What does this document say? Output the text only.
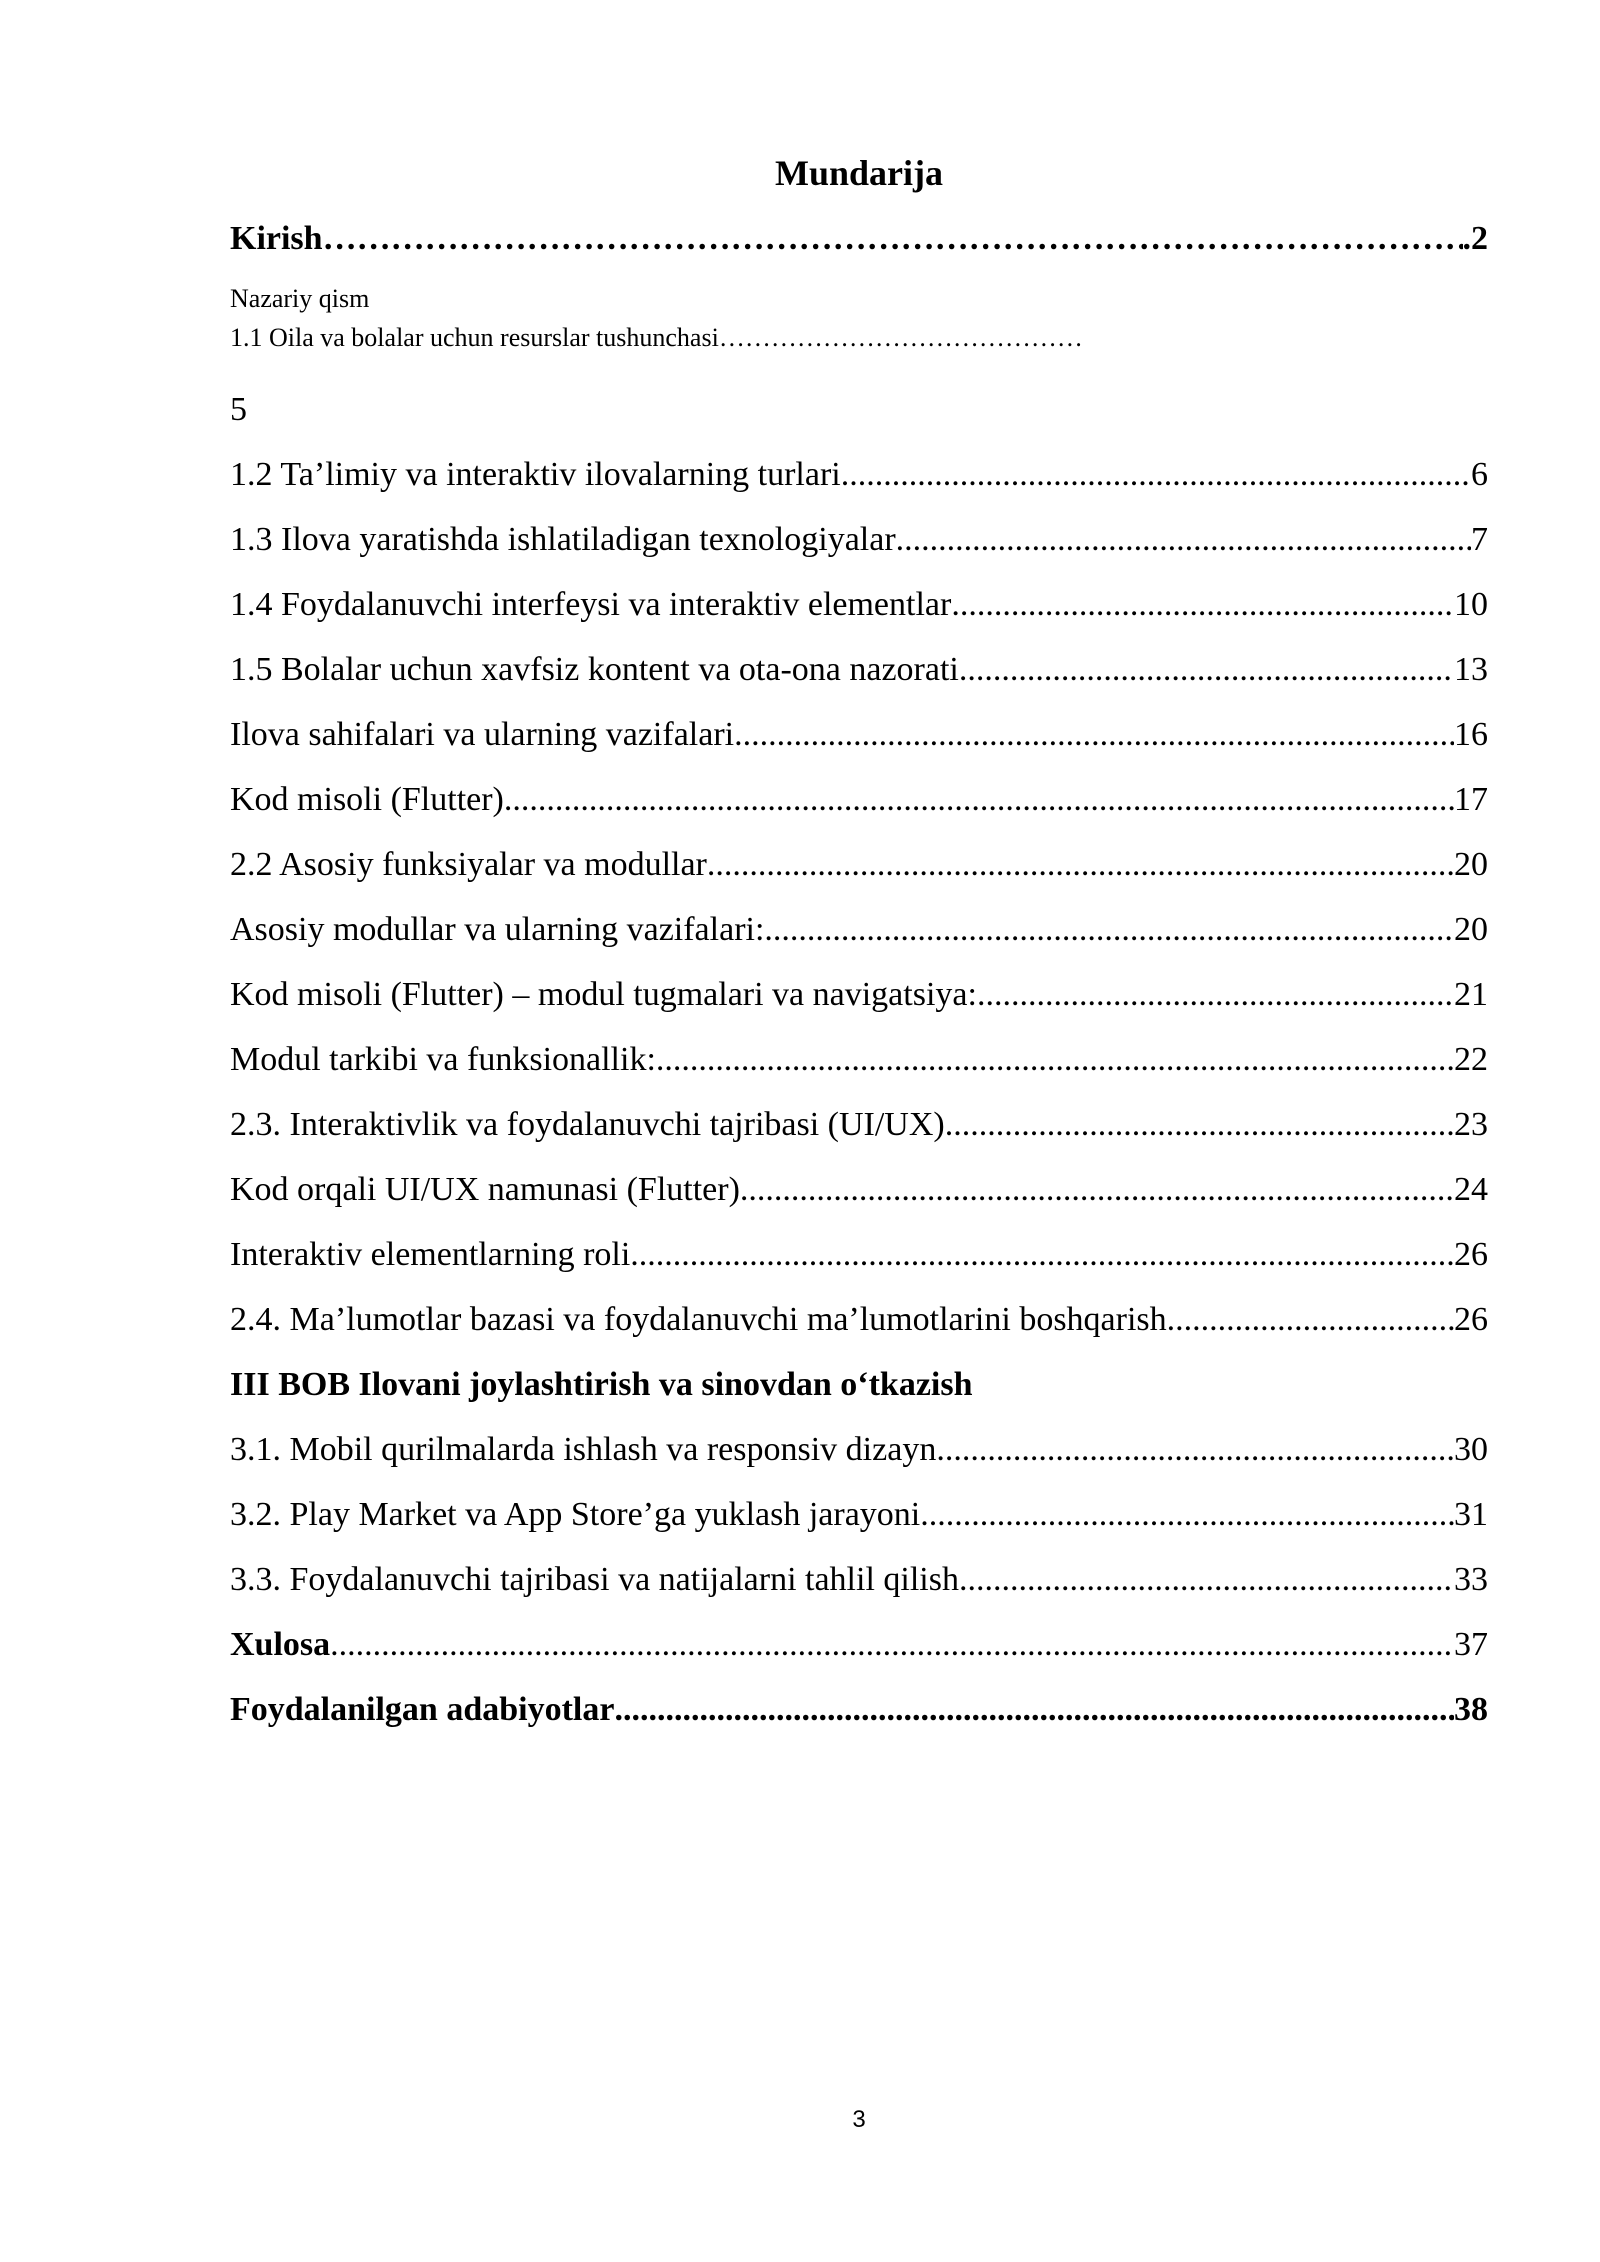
Mundarija
Kirish ……………………………………………………………………………………………………………………………………………………………………	.2
Nazariy qism
1.1 Oila va bolalar uchun resurslar tushunchasi……………………………………
5
1.2 Ta’limiy va interaktiv ilovalarning turlari .....	6
1.3 Ilova yaratishda ishlatiladigan texnologiyalar .....	7
1.4 Foydalanuvchi interfeysi va interaktiv elementlar .....	10
1.5 Bolalar uchun xavfsiz kontent va ota-ona nazorati .....	13
Ilova sahifalari va ularning vazifalari .....	16
Kod misoli (Flutter) .....	17
2.2 Asosiy funksiyalar va modullar .....	20
Asosiy modullar va ularning vazifalari: .....	20
Kod misoli (Flutter) – modul tugmalari va navigatsiya: .....	21
Modul tarkibi va funksionallik: .....	22
2.3. Interaktivlik va foydalanuvchi tajribasi (UI/UX) .....	23
Kod orqali UI/UX namunasi (Flutter) .....	24
Interaktiv elementlarning roli .....	26
2.4. Ma’lumotlar bazasi va foydalanuvchi ma’lumotlarini boshqarish .....	26
III BOB Ilovani joylashtirish va sinovdan o‘tkazish
3.1. Mobil qurilmalarda ishlash va responsiv dizayn .....	30
3.2. Play Market va App Store’ga yuklash jarayoni .....	31
3.3. Foydalanuvchi tajribasi va natijalarni tahlil qilish .....	33
Xulosa .....	37
Foydalanilgan adabiyotlar .....	38
3
